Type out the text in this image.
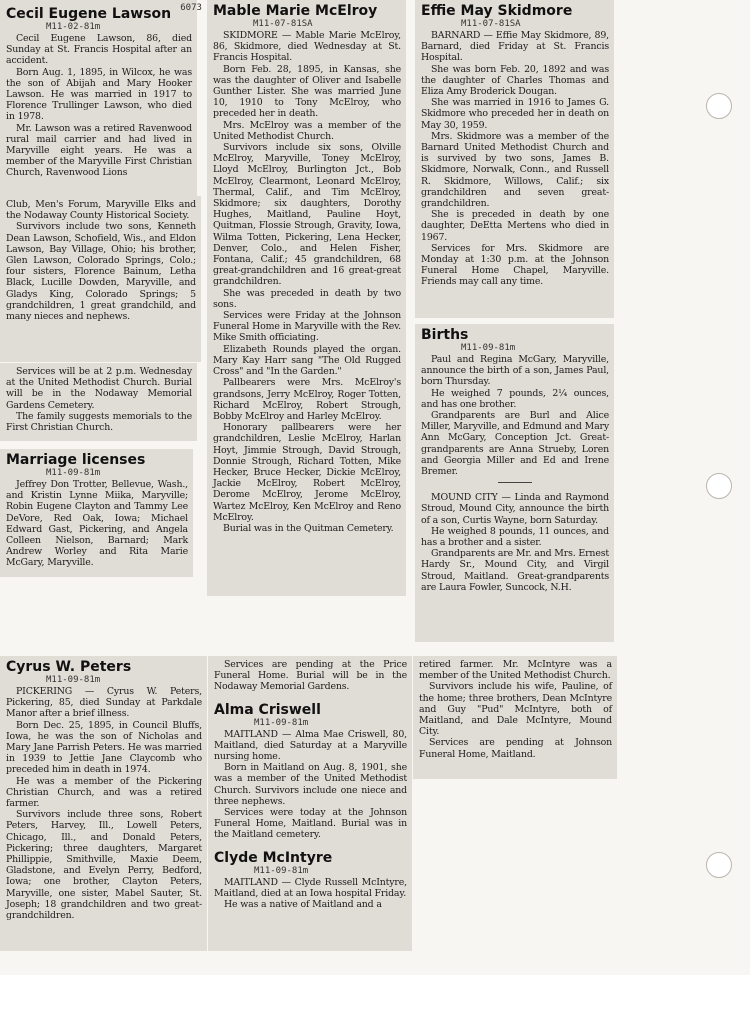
Cecil Eugene Lawson 6073
M11-02-81m

Cecil Eugene Lawson, 86, died Sunday at St. Francis Hospital after an accident.

Born Aug. 1, 1895, in Wilcox, he was the son of Abijah and Mary Hooker Lawson. He was married in 1917 to Florence Trullinger Lawson, who died in 1978.

Mr. Lawson was a retired Ravenwood rural mail carrier and had lived in Maryville eight years. He was a member of the Maryville First Christian Church, Ravenwood Lions

Club, Men's Forum, Maryville Elks and the Nodaway County Historical Society.

Survivors include two sons, Kenneth Dean Lawson, Schofield, Wis., and Eldon Lawson, Bay Village, Ohio; his brother, Glen Lawson, Colorado Springs, Colo.; four sisters, Florence Bainum, Letha Black, Lucille Dowden, Maryville, and Gladys King, Colorado Springs; 5 grandchildren, 1 great grandchild, and many nieces and nephews.

Services will be at 2 p.m. Wednesday at the United Methodist Church. Burial will be in the Nodaway Memorial Gardens Cemetery.

The family suggests memorials to the First Christian Church.

Marriage licenses
M11-09-81m

Jeffrey Don Trotter, Bellevue, Wash., and Kristin Lynne Miika, Maryville; Robin Eugene Clayton and Tammy Lee DeVore, Red Oak, Iowa; Michael Edward Gast, Pickering, and Angela Colleen Nielson, Barnard; Mark Andrew Worley and Rita Marie McGary, Maryville.

Mable Marie McElroy
M11-07-81SA

SKIDMORE — Mable Marie McElroy, 86, Skidmore, died Wednesday at St. Francis Hospital.

Born Feb. 28, 1895, in Kansas, she was the daughter of Oliver and Isabelle Gunther Lister. She was married June 10, 1910 to Tony McElroy, who preceded her in death.

Mrs. McElroy was a member of the United Methodist Church.

Survivors include six sons, Olville McElroy, Maryville, Toney McElroy, Lloyd McElroy, Burlington Jct., Bob McElroy, Clearmont, Leonard McElroy, Thermal, Calif., and Tim McElroy, Skidmore; six daughters, Dorothy Hughes, Maitland, Pauline Hoyt, Quitman, Flossie Strough, Gravity, Iowa, Wilma Totten, Pickering, Lena Hecker, Denver, Colo., and Helen Fisher, Fontana, Calif.; 45 grandchildren, 68 great-grandchildren and 16 great-great grandchildren.

She was preceded in death by two sons.

Services were Friday at the Johnson Funeral Home in Maryville with the Rev. Mike Smith officiating.

Elizabeth Rounds played the organ. Mary Kay Harr sang "The Old Rugged Cross" and "In the Garden."

Pallbearers were Mrs. McElroy's grandsons, Jerry McElroy, Roger Totten, Richard McElroy, Robert Strough, Bobby McElroy and Harley McElroy.

Honorary pallbearers were her grandchildren, Leslie McElroy, Harlan Hoyt, Jimmie Strough, David Strough, Donnie Strough, Richard Totten, Mike Hecker, Bruce Hecker, Dickie McElroy, Jackie McElroy, Robert McElroy, Derome McElroy, Jerome McElroy, Wartez McElroy, Ken McElroy and Reno McElroy.

Burial was in the Quitman Cemetery.

Effie May Skidmore
M11-07-81SA

BARNARD — Effie May Skidmore, 89, Barnard, died Friday at St. Francis Hospital.

She was born Feb. 20, 1892 and was the daughter of Charles Thomas and Eliza Amy Broderick Dougan.

She was married in 1916 to James G. Skidmore who preceded her in death on May 30, 1959.

Mrs. Skidmore was a member of the Barnard United Methodist Church and is survived by two sons, James B. Skidmore, Norwalk, Conn., and Russell R. Skidmore, Willows, Calif.; six grandchildren and seven great-grandchildren.

She is preceded in death by one daughter, DeEtta Mertens who died in 1967.

Services for Mrs. Skidmore are Monday at 1:30 p.m. at the Johnson Funeral Home Chapel, Maryville. Friends may call any time.

Births
M11-09-81m

Paul and Regina McGary, Maryville, announce the birth of a son, James Paul, born Thursday.

He weighed 7 pounds, 2¼ ounces, and has one brother.

Grandparents are Burl and Alice Miller, Maryville, and Edmund and Mary Ann McGary, Conception Jct. Great-grandparents are Anna Strueby, Loren and Georgia Miller and Ed and Irene Bremer.

MOUND CITY — Linda and Raymond Stroud, Mound City, announce the birth of a son, Curtis Wayne, born Saturday.

He weighed 8 pounds, 11 ounces, and has a brother and a sister.

Grandparents are Mr. and Mrs. Ernest Hardy Sr., Mound City, and Virgil Stroud, Maitland. Great-grandparents are Laura Fowler, Suncock, N.H.

Cyrus W. Peters
M11-09-81m

PICKERING — Cyrus W. Peters, Pickering, 85, died Sunday at Parkdale Manor after a brief illness.

Born Dec. 25, 1895, in Council Bluffs, Iowa, he was the son of Nicholas and Mary Jane Parrish Peters. He was married in 1939 to Jettie Jane Claycomb who preceded him in death in 1974.

He was a member of the Pickering Christian Church, and was a retired farmer.

Survivors include three sons, Robert Peters, Harvey, Ill., Lowell Peters, Chicago, Ill., and Donald Peters, Pickering; three daughters, Margaret Phillippie, Smithville, Maxie Deem, Gladstone, and Evelyn Perry, Bedford, Iowa; one brother, Clayton Peters, Maryville, one sister, Mabel Sauter, St. Joseph; 18 grandchildren and two great-grandchildren.

Services are pending at the Price Funeral Home. Burial will be in the Nodaway Memorial Gardens.

Alma Criswell
M11-09-81m

MAITLAND — Alma Mae Criswell, 80, Maitland, died Saturday at a Maryville nursing home.

Born in Maitland on Aug. 8, 1901, she was a member of the United Methodist Church. Survivors include one niece and three nephews.

Services were today at the Johnson Funeral Home, Maitland. Burial was in the Maitland cemetery.

Clyde McIntyre
M11-09-81m

MAITLAND — Clyde Russell McIntyre, Maitland, died at an Iowa hospital Friday.

He was a native of Maitland and a

retired farmer. Mr. McIntyre was a member of the United Methodist Church.

Survivors include his wife, Pauline, of the home; three brothers, Dean McIntyre and Guy "Pud" McIntyre, both of Maitland, and Dale McIntyre, Mound City.

Services are pending at Johnson Funeral Home, Maitland.
